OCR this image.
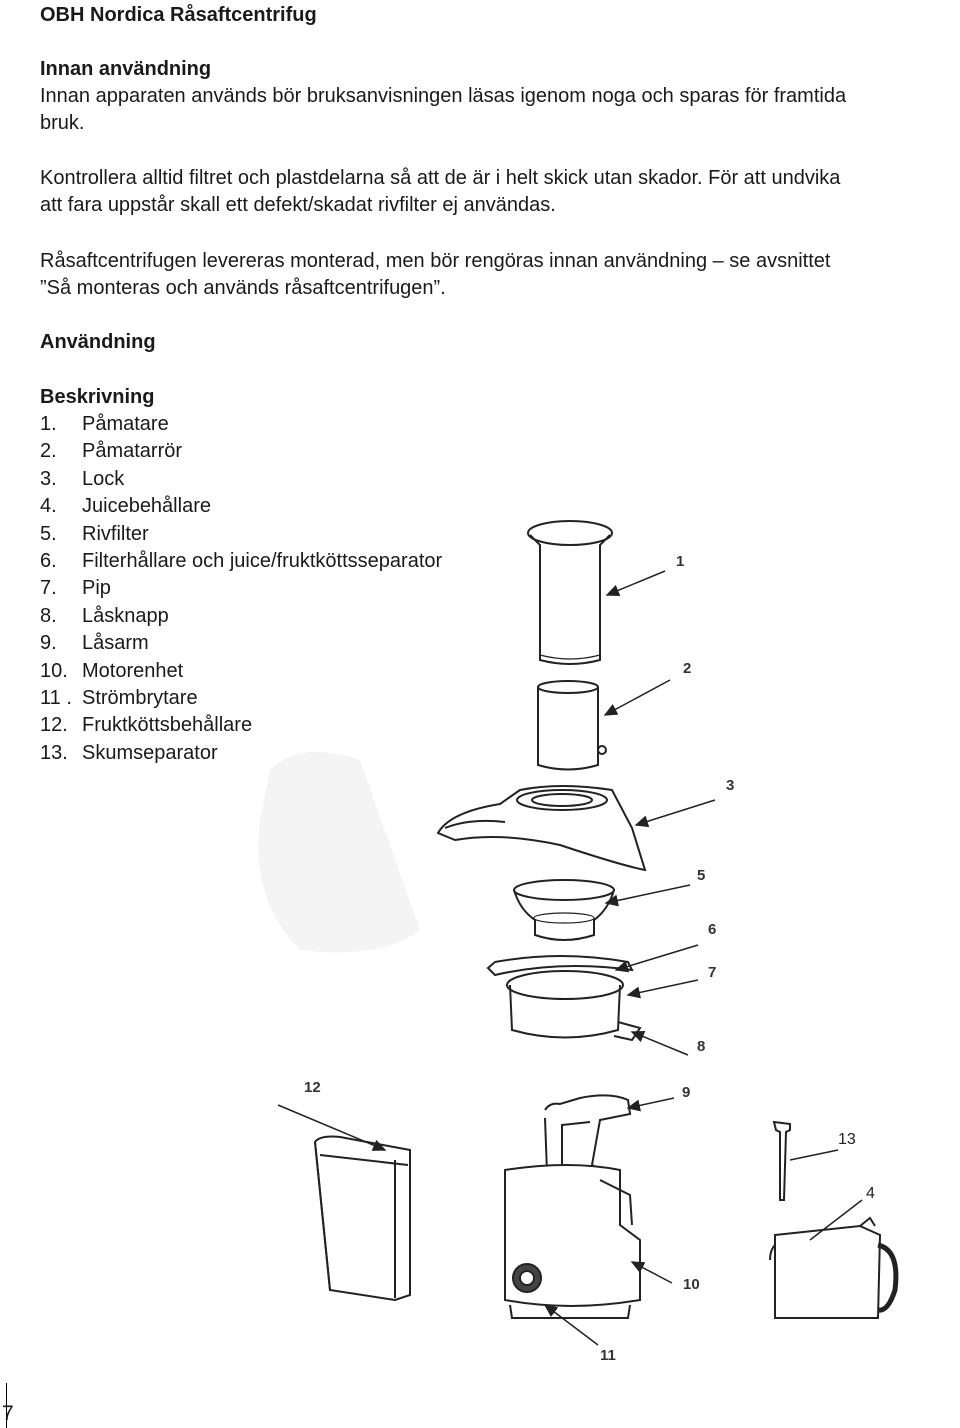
OBH Nordica Råsaftcentrifug
Innan användning
Innan apparaten används bör bruksanvisningen läsas igenom noga och sparas för framtida
bruk.
Kontrollera alltid filtret och plastdelarna så att de är i helt skick utan skador. För att undvika
att fara uppstår skall ett defekt/skadat rivfilter ej användas.
Råsaftcentrifugen levereras monterad, men bör rengöras innan användning – se avsnittet
”Så monteras och används råsaftcentrifugen”.
Användning
Beskrivning
1. Påmatare
2. Påmatarrör
3. Lock
4. Juicebehållare
5. Rivfilter
6. Filterhållare och juice/fruktköttsseparator
7. Pip
8. Låsknapp
9. Låsarm
10. Motorenhet
11 . Strömbrytare
12. Fruktköttsbehållare
13. Skumseparator
1
2
3
5
6
7
8
9
10
11
12
13
4
7
